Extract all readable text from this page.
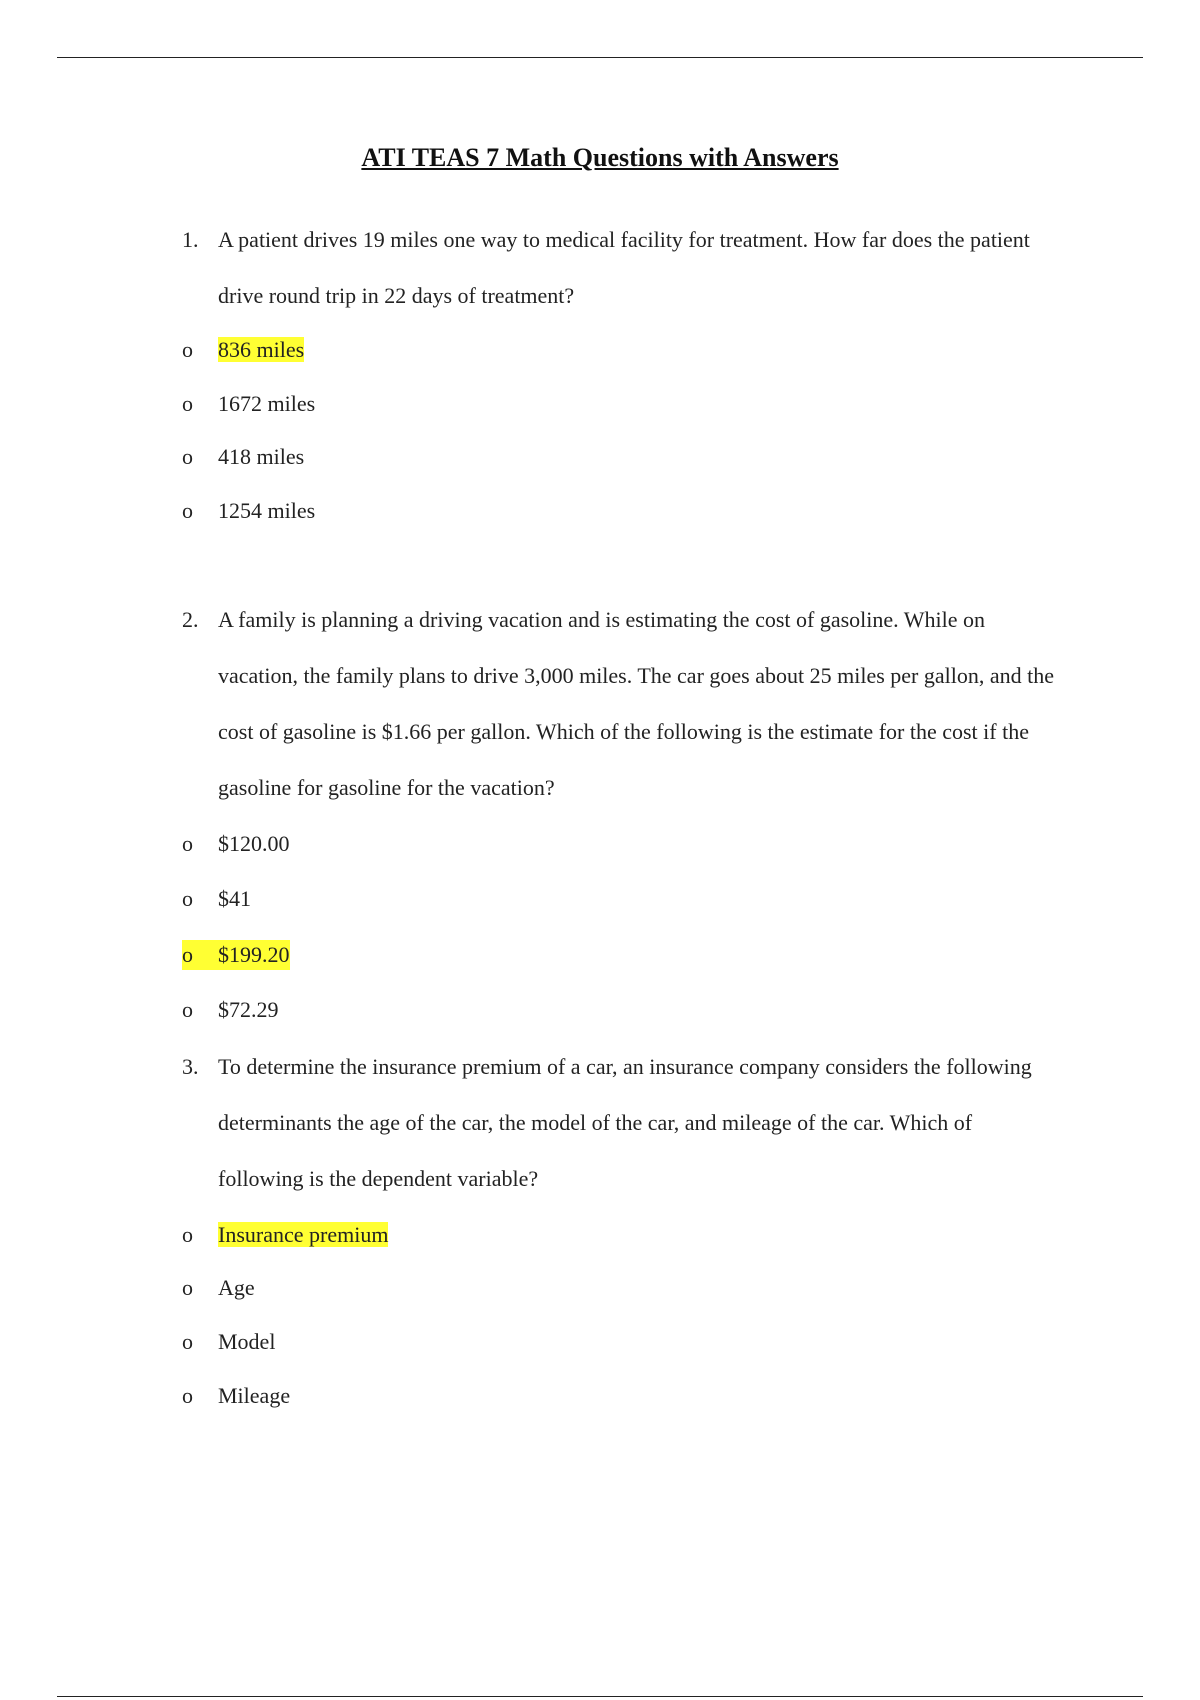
ATI TEAS 7 Math Questions with Answers
1. A patient drives 19 miles one way to medical facility for treatment. How far does the patient drive round trip in 22 days of treatment?
o 836 miles
o 1672 miles
o 418 miles
o 1254 miles
2. A family is planning a driving vacation and is estimating the cost of gasoline. While on vacation, the family plans to drive 3,000 miles. The car goes about 25 miles per gallon, and the cost of gasoline is $1.66 per gallon. Which of the following is the estimate for the cost if the gasoline for gasoline for the vacation?
o $120.00
o $41
o $199.20
o $72.29
3. To determine the insurance premium of a car, an insurance company considers the following determinants the age of the car, the model of the car, and mileage of the car. Which of following is the dependent variable?
o Insurance premium
o Age
o Model
o Mileage
